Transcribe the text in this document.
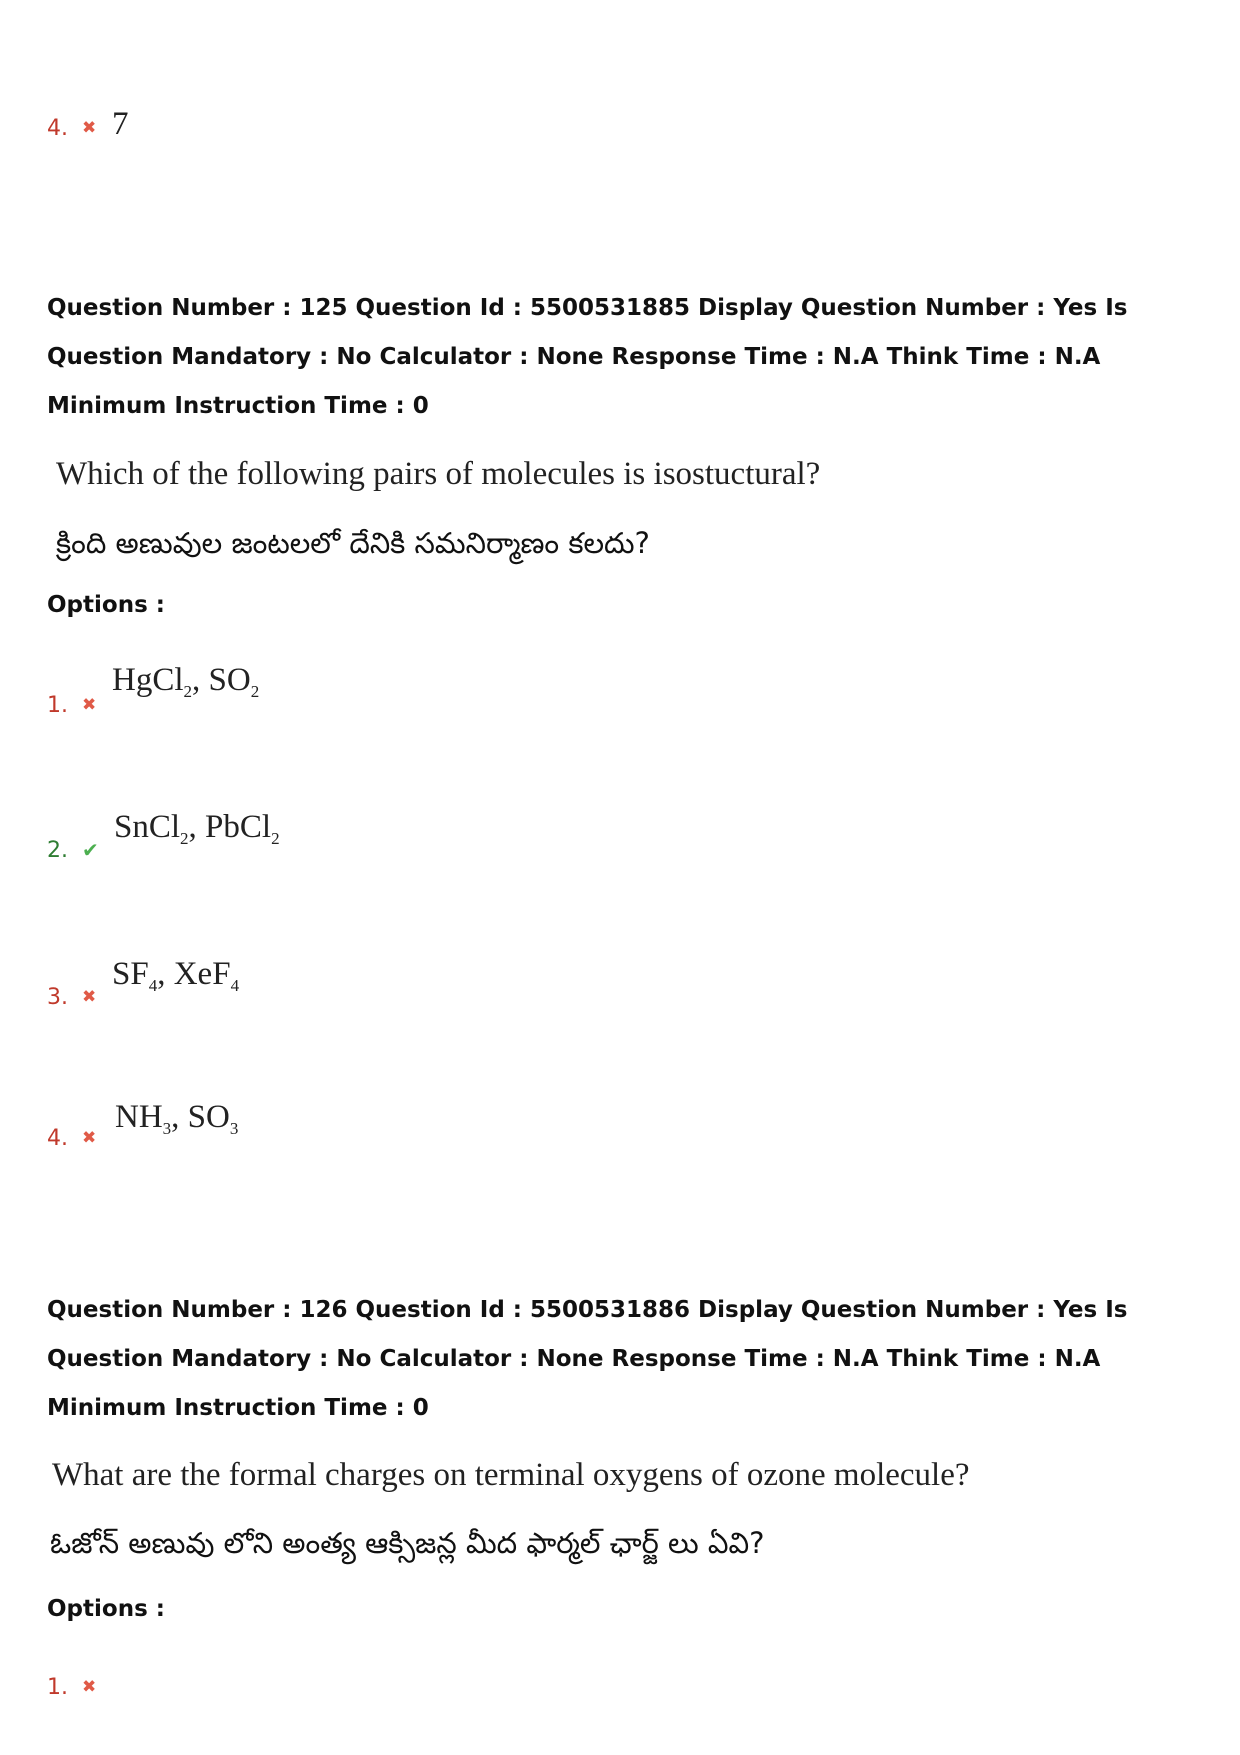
4. ✖ 7
Question Number : 125 Question Id : 5500531885 Display Question Number : Yes Is Question Mandatory : No Calculator : None Response Time : N.A Think Time : N.A Minimum Instruction Time : 0
Which of the following pairs of molecules is isostuctural?
క్రింది అణువుల జంటలలో దేనికి సమనిర్మాణం కలదు?
Options :
1. ✖
HgCl$_2$, $SO_2$
2. ✔
SnCl$_2$, PbCl$_2$
3. ✖
$SF_4$, XeF$_4$
4. ✖
$NH_3$, $SO_3$
Question Number : 126 Question Id : 5500531886 Display Question Number : Yes Is Question Mandatory : No Calculator : None Response Time : N.A Think Time : N.A Minimum Instruction Time : 0
What are the formal charges on terminal oxygens of ozone molecule?
ఓజోన్ అణువు లోని అంత్య ఆక్సిజన్ల మీద ఫార్మల్ ఛార్జ్ లు ఏవి?
Options :
1. ✖
